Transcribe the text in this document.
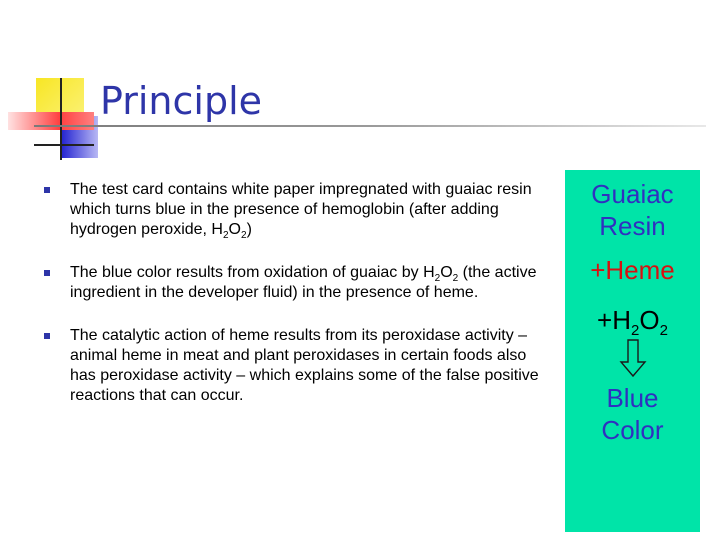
Principle
The test card contains white paper impregnated with guaiac resin which turns blue in the presence of hemoglobin (after adding hydrogen peroxide, $H_2O_2$)
The blue color results from oxidation of guaiac by $H_2O_2$ (the active ingredient in the developer fluid) in the presence of heme.
The catalytic action of heme results from its peroxidase activity – animal heme in meat and plant peroxidases in certain foods also has peroxidase activity – which explains some of the false positive reactions that can occur.
Guaiac
Resin
+Heme
$+H_2O_2$
Blue
Color
